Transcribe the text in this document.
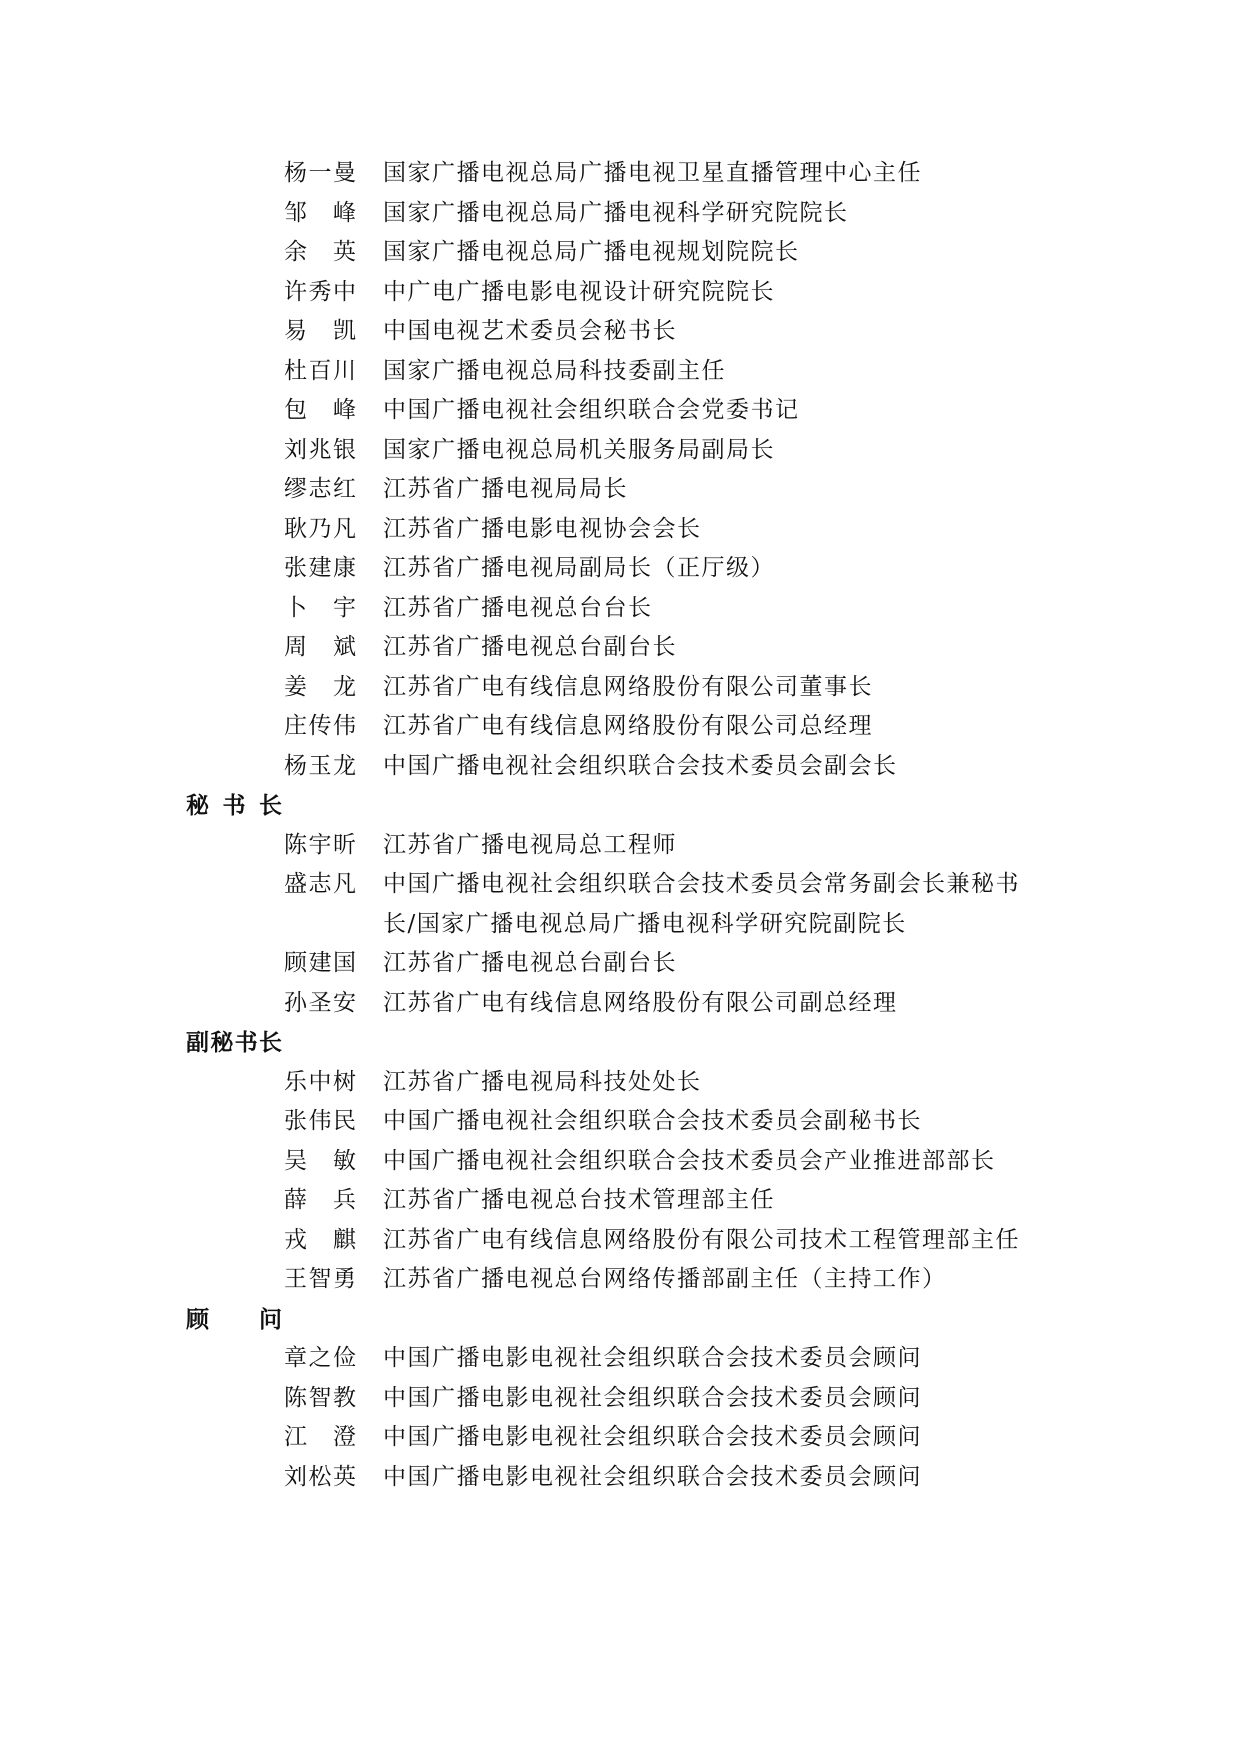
杨一曼 国家广播电视总局广播电视卫星直播管理中心主任
邹峰 国家广播电视总局广播电视科学研究院院长
余英 国家广播电视总局广播电视规划院院长
许秀中 中广电广播电影电视设计研究院院长
易凯 中国电视艺术委员会秘书长
杜百川 国家广播电视总局科技委副主任
包峰 中国广播电视社会组织联合会党委书记
刘兆银 国家广播电视总局机关服务局副局长
缪志红 江苏省广播电视局局长
耿乃凡 江苏省广播电影电视协会会长
张建康 江苏省广播电视局副局长（正厅级）
卜宇 江苏省广播电视总台台长
周斌 江苏省广播电视总台副台长
姜龙 江苏省广电有线信息网络股份有限公司董事长
庄传伟 江苏省广电有线信息网络股份有限公司总经理
杨玉龙 中国广播电视社会组织联合会技术委员会副会长
秘书长
陈宇昕 江苏省广播电视局总工程师
盛志凡 中国广播电视社会组织联合会技术委员会常务副会长兼秘书
长/国家广播电视总局广播电视科学研究院副院长
顾建国 江苏省广播电视总台副台长
孙圣安 江苏省广电有线信息网络股份有限公司副总经理
副秘书长
乐中树 江苏省广播电视局科技处处长
张伟民 中国广播电视社会组织联合会技术委员会副秘书长
吴敏 中国广播电视社会组织联合会技术委员会产业推进部部长
薛兵 江苏省广播电视总台技术管理部主任
戎麒 江苏省广电有线信息网络股份有限公司技术工程管理部主任
王智勇 江苏省广播电视总台网络传播部副主任（主持工作）
顾问
章之俭 中国广播电影电视社会组织联合会技术委员会顾问
陈智教 中国广播电影电视社会组织联合会技术委员会顾问
江澄 中国广播电影电视社会组织联合会技术委员会顾问
刘松英 中国广播电影电视社会组织联合会技术委员会顾问
